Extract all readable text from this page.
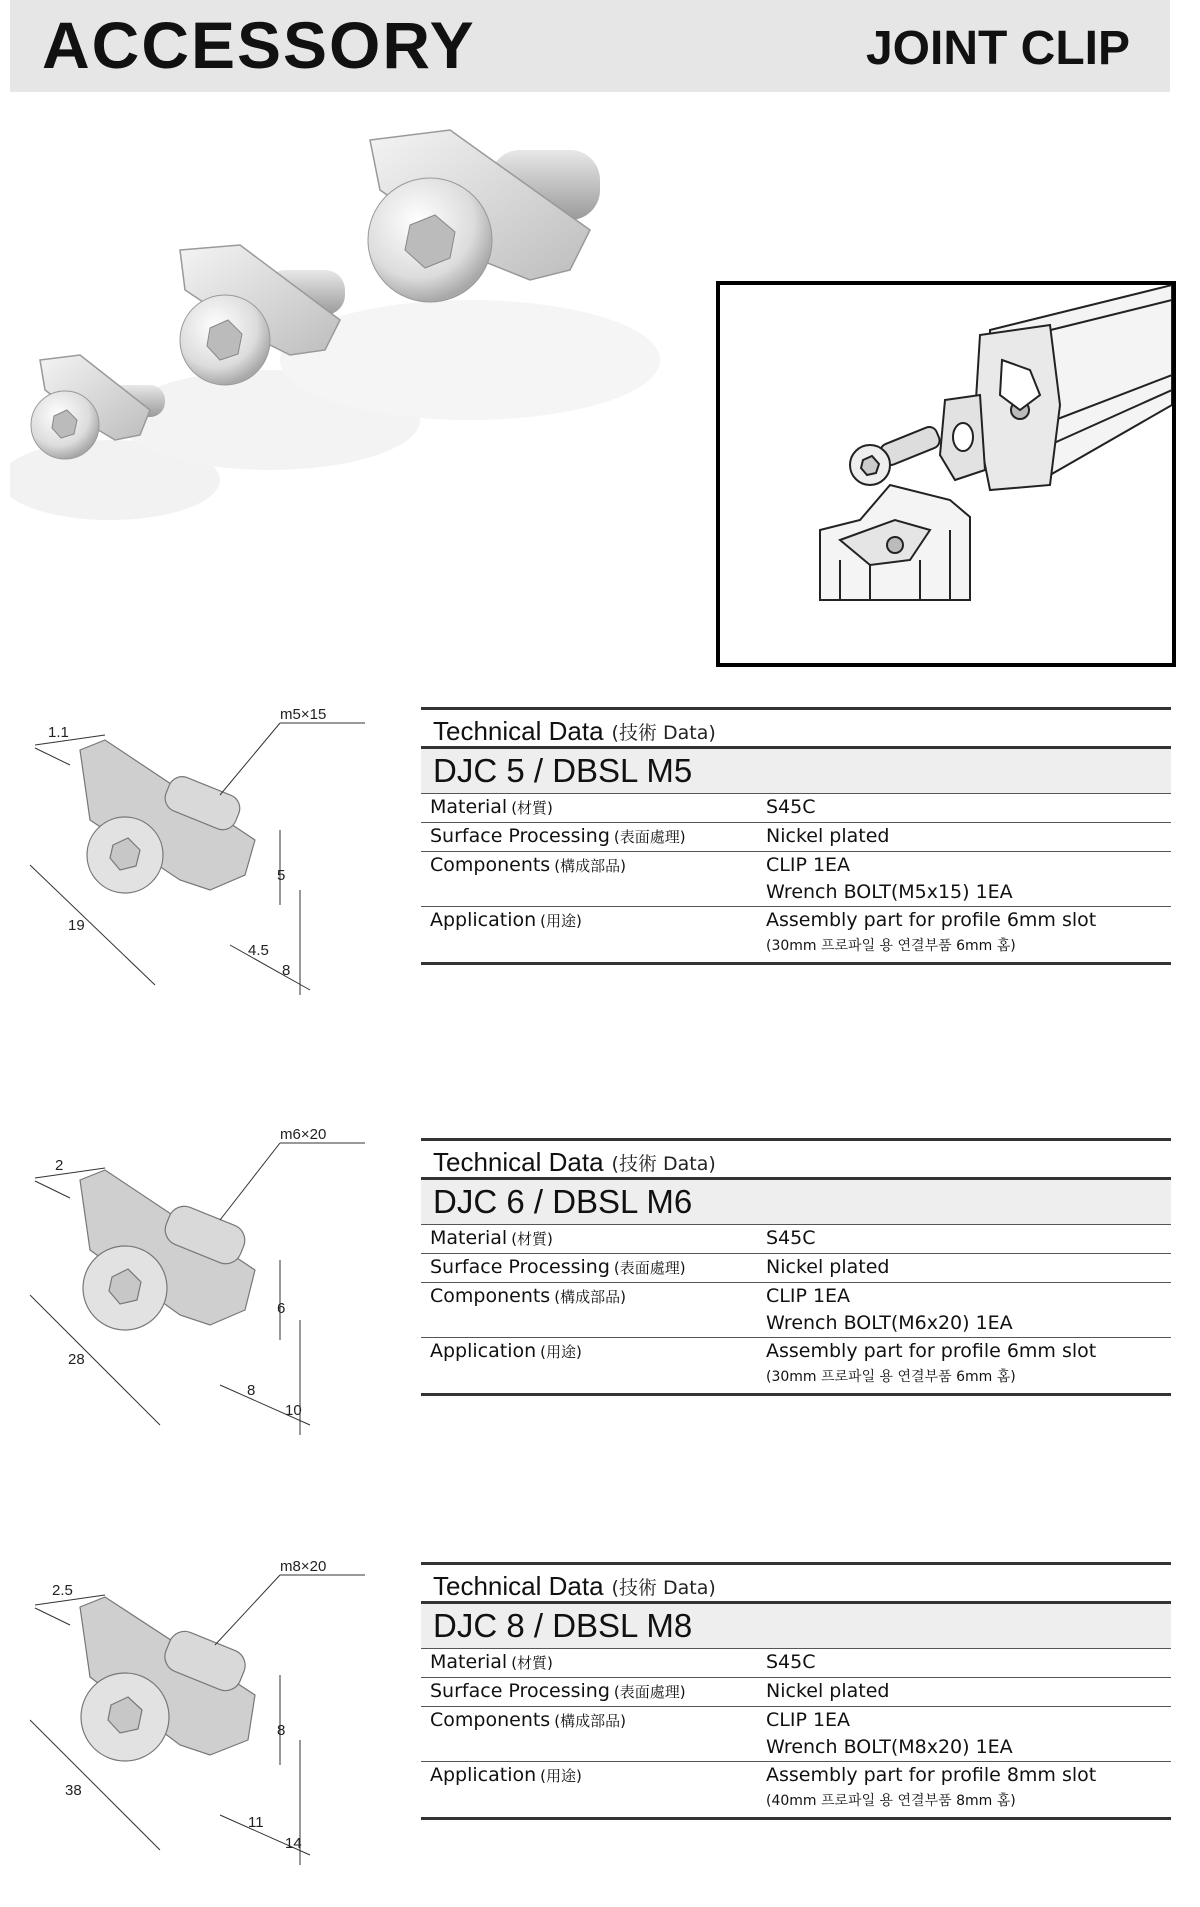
ACCESSORY	JOINT CLIP
m5×15
1.1
19
5
4.5
8
Technical Data (技術 Data)
DJC 5 / DBSL M5
Material (材質)	S45C
Surface Processing (表面處理)	Nickel plated
Components (構成部品)	CLIP 1EA
Wrench BOLT(M5x15) 1EA
Application (用途)	Assembly part for profile 6mm slot
(30mm 프로파일 용 연결부품 6mm 홈)
m6×20
2
28
6
8
10
Technical Data (技術 Data)
DJC 6 / DBSL M6
Material (材質)	S45C
Surface Processing (表面處理)	Nickel plated
Components (構成部品)	CLIP 1EA
Wrench BOLT(M6x20) 1EA
Application (用途)	Assembly part for profile 6mm slot
(30mm 프로파일 용 연결부품 6mm 홈)
m8×20
2.5
38
8
11
14
Technical Data (技術 Data)
DJC 8 / DBSL M8
Material (材質)	S45C
Surface Processing (表面處理)	Nickel plated
Components (構成部品)	CLIP 1EA
Wrench BOLT(M8x20) 1EA
Application (用途)	Assembly part for profile 8mm slot
(40mm 프로파일 용 연결부품 8mm 홈)
